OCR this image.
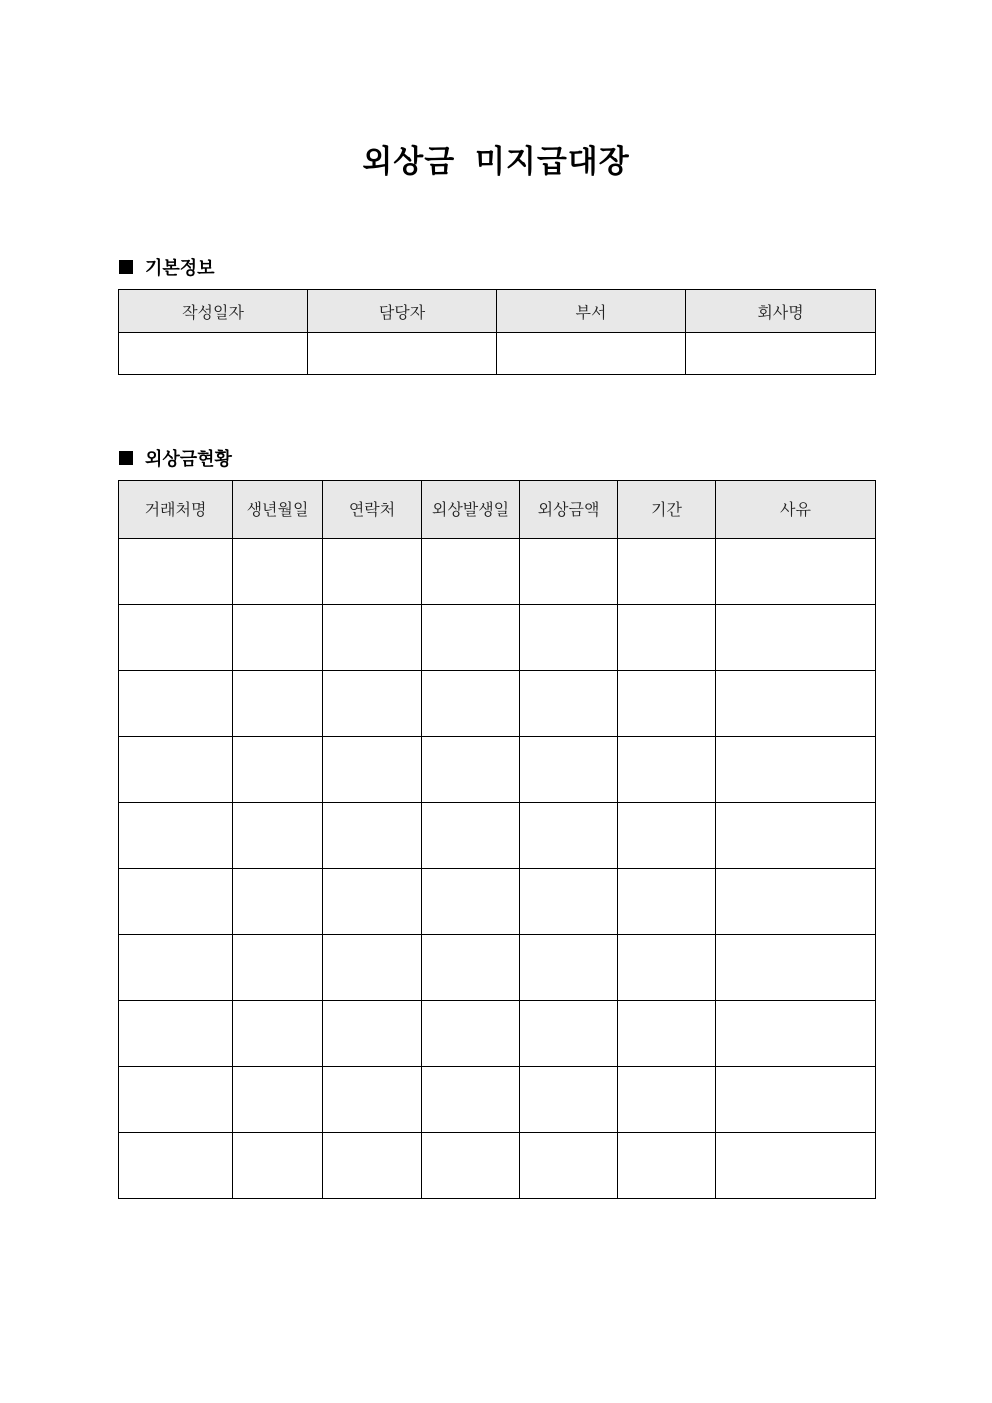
외상금 미지급대장
기본정보
작성일자	담당자	부서	회사명

외상금현황
거래처명	생년월일	연락처	외상발생일	외상금액	기간	사유
